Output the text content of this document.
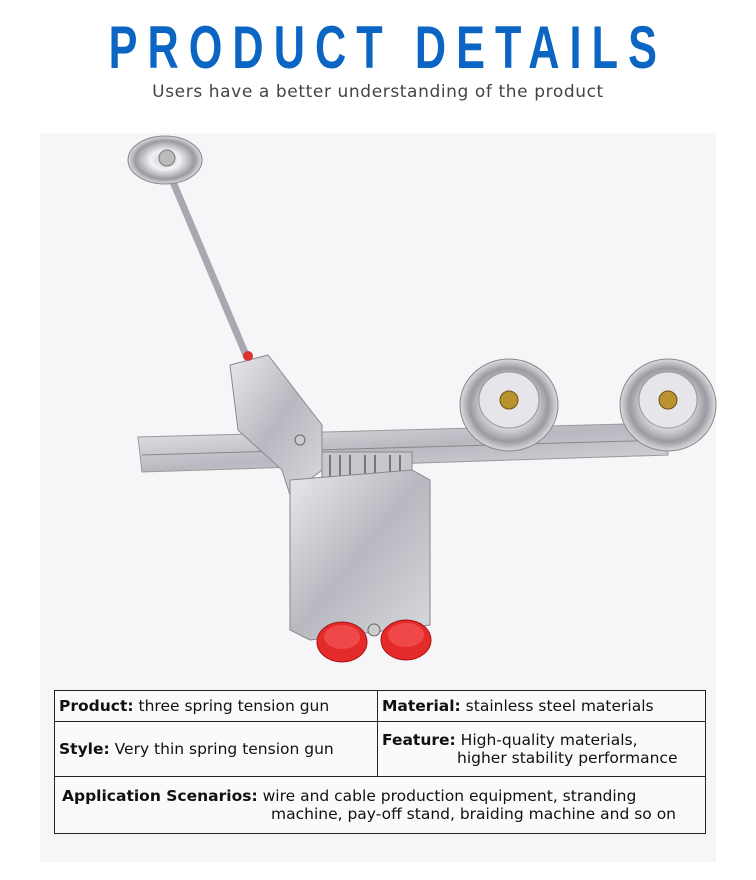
PRODUCT DETAILS
Users have a better understanding of the product
Product: three spring tension gun	Material: stainless steel materials
Style: Very thin spring tension gun	Feature: High-quality materials,
higher stability performance

Application Scenarios: wire and cable production equipment, stranding
machine, pay-off stand, braiding machine and so on	
